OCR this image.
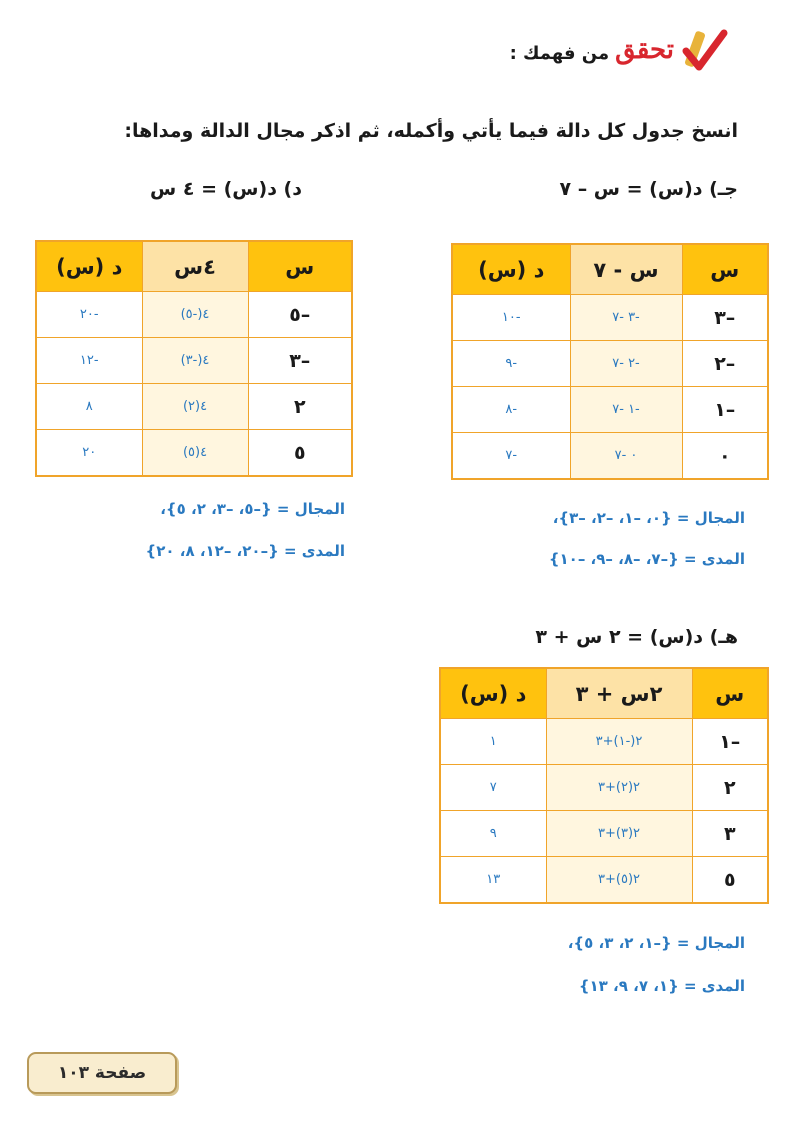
تحقق
من فهمك :
انسخ جدول كل دالة فيما يأتي وأكمله، ثم اذكر مجال الدالة ومداها:
جـ) د(س) = س – ٧
س	س - ٧	د (س)
–٣	-٣ -٧	-١٠
–٢	-٢ -٧	-٩
–١	-١ -٧	-٨
٠	٠ -٧	-٧
المجال = {٠، –١، –٢، –٣}،
المدى = {–٧، –٨، –٩، –١٠}
د) د(س) = ٤ س
س	٤س	د (س)
–٥	٤(-٥)	-٢٠
–٣	٤(-٣)	-١٢
٢	٤(٢)	٨
٥	٤(٥)	٢٠
المجال = {–٥، –٣، ٢، ٥}،
المدى = {–٢٠، –١٢، ٨، ٢٠}
هـ) د(س) = ٢ س + ٣
س	٢س + ٣	د (س)
–١	٢(-١)+٣	١
٢	٢(٢)+٣	٧
٣	٢(٣)+٣	٩
٥	٢(٥)+٣	١٣
المجال = {–١، ٢، ٣، ٥}،
المدى = {١، ٧، ٩، ١٣}
صفحة ١٠٣
